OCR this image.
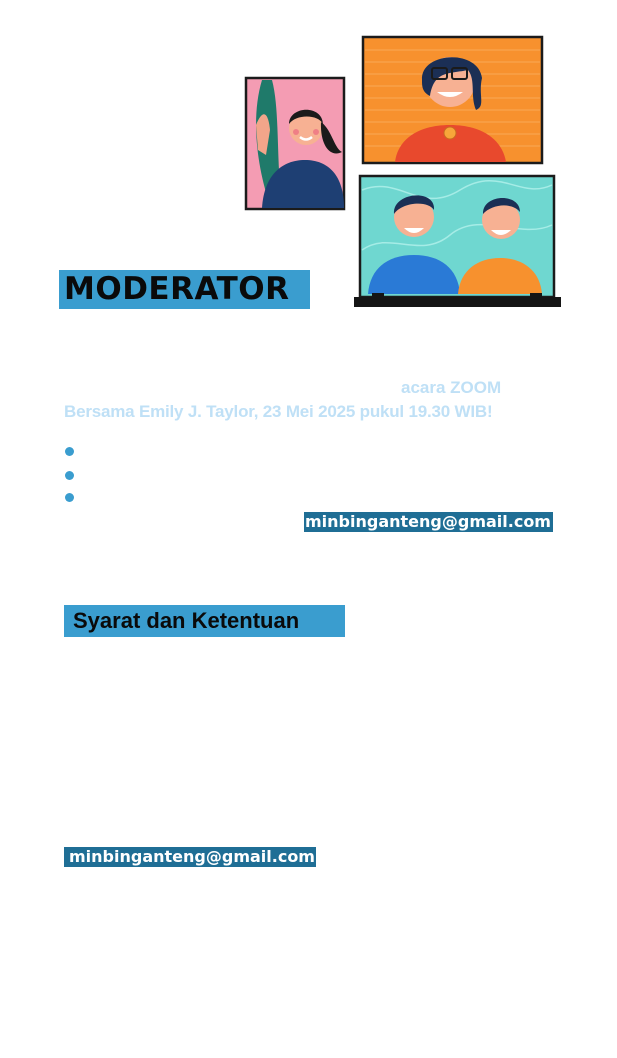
MODERATOR
acara ZOOM
Bersama Emily J. Taylor, 23 Mei 2025 pukul 19.30 WIB!
minbinganteng@gmail.com
Syarat dan Ketentuan
minbinganteng@gmail.com
